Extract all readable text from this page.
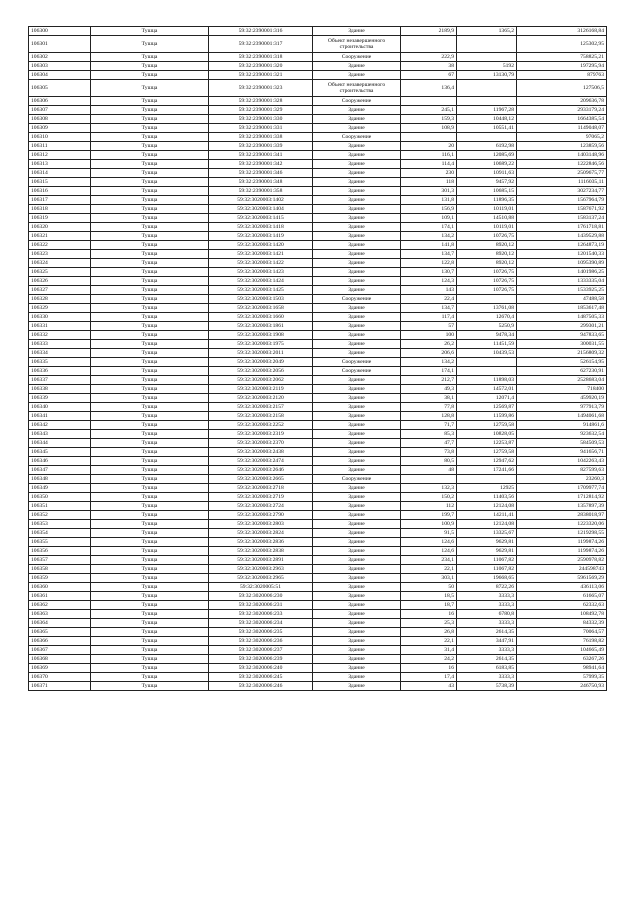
106300	Тушца	59:32:2390001:316	Здание	2189,9	1365,2	3126168,84
106301	Тушца	59:32:2390001:317	Объект незавершенного строительства			125302,95
106302	Тушца	59:32:2390001:318	Сооружение	222,9		758825,21
106303	Тушца	59:32:2390001:320	Здание	38	5192	197295,94
106304	Тушца	59:32:2390001:321	Здание	67	13130,79	879763
106305	Тушца	59:32:2390001:323	Объект незавершенного строительства	136,4		127506,5
106306	Тушца	59:32:2390001:328	Сооружение			209636,78
106307	Тушца	59:32:2390001:329	Здание	245,1	11967,28	2933179,24
106308	Тушца	59:32:2390001:330	Здание	159,3	10448,12	1664385,54
106309	Тушца	59:32:2390001:331	Здание	108,9	10551,41	1149048,07
106310	Тушца	59:32:2390001:338	Сооружение			97065,2
106311	Тушца	59:32:2390001:339	Здание	20	6192,98	123859,56
106312	Тушца	59:32:2390001:341	Здание	116,1	12085,69	1403148,96
106313	Тушца	59:32:2390001:342	Здание	114,4	10689,22	1222846,56
106314	Тушца	59:32:2390001:346	Здание	230	10911,63	2509675,77
106315	Тушца	59:32:2390001:348	Здание	118	9457,92	1116035,11
106316	Тушца	59:32:2390001:358	Здание	301,3	10685,15	3027234,77
106317	Тушца	59:32:3020003:1402	Здание	131,8	11896,35	1567964,79
106318	Тушца	59:32:3020003:1404	Здание	156,9	10119,01	1587671,92
106319	Тушца	59:32:3020003:1415	Здание	109,1	14510,88	1583137,24
106320	Тушца	59:32:3020003:1418	Здание	174,1	10119,01	1761718,81
106321	Тушца	59:32:3020003:1419	Здание	134,2	10726,75	1439529,88
106322	Тушца	59:32:3020003:1420	Здание	141,8	8920,12	1264873,19
106323	Тушца	59:32:3020003:1421	Здание	134,7	8920,12	1201540,33
106324	Тушца	59:32:3020003:1422	Здание	122,8	8920,12	1095390,89
106325	Тушца	59:32:3020003:1423	Здание	130,7	10726,75	1401986,25
106326	Тушца	59:32:3020003:1424	Здание	124,3	10726,75	1333335,04
106327	Тушца	59:32:3020003:1425	Здание	143	10726,75	1533925,25
106328	Тушца	59:32:3020003:1503	Сооружение	22,4		47488,58
106329	Тушца	59:32:3020003:1658	Здание	134,7	13761,08	1853617,48
106330	Тушца	59:32:3020003:1660	Здание	117,4	12670,4	1487505,33
106331	Тушца	59:32:3020003:1861	Здание	57	5250,9	299301,21
106332	Тушца	59:32:3020003:1908	Здание	100	9478,34	947833,65
106333	Тушца	59:32:3020003:1975	Здание	26,2	11451,59	300031,55
106334	Тушца	59:32:3020003:2011	Здание	206,6	10439,53	2156809,32
106335	Тушца	59:32:3020003:2049	Сооружение	134,2		526154,95
106336	Тушца	59:32:3020003:2056	Сооружение	174,1		627230,91
106337	Тушца	59:32:3020003:2062	Здание	212,7	11898,03	2528683,04
106338	Тушца	59:32:3020003:2119	Здание	49,3	14572,01	718400
106339	Тушца	59:32:3020003:2120	Здание	38,1	12071,4	459920,19
106340	Тушца	59:32:3020003:2157	Здание	77,8	12569,87	977913,79
106341	Тушца	59:32:3020003:2158	Здание	128,8	11599,86	1494061,68
106342	Тушца	59:32:3020003:2252	Здание	71,7	12759,58	914861,6
106343	Тушца	59:32:3020003:2319	Здание	85,3	10828,05	923632,54
106344	Тушца	59:32:3020003:2370	Здание	47,7	12253,87	584509,53
106345	Тушца	59:32:3020003:2438	Здание	73,8	12759,58	941656,71
106346	Тушца	59:32:3020003:2474	Здание	80,5	12947,62	1042263,43
106347	Тушца	59:32:3020003:2646	Здание	48	17241,66	827599,63
106348	Тушца	59:32:3020003:2665	Сооружение			23260,3
106349	Тушца	59:32:3020003:2718	Здание	132,3	12925	1709977,74
106350	Тушца	59:32:3020003:2719	Здание	150,2	11403,56	1712814,92
106351	Тушца	59:32:3020003:2724	Здание	112	12124,08	1357897,39
106352	Тушца	59:32:3020003:2790	Здание	199,7	14211,41	2838018,97
106353	Тушца	59:32:3020003:2803	Здание	100,9	12124,08	1223320,06
106354	Тушца	59:32:3020003:2824	Здание	91,5	13325,67	1219298,55
106355	Тушца	59:32:3020003:2836	Здание	124,6	9629,81	1199874,26
106356	Тушца	59:32:3020003:2838	Здание	124,6	9629,81	1199874,26
106357	Тушца	59:32:3020003:2891	Здание	234,1	11067,82	2590978,82
106358	Тушца	59:32:3020003:2963	Здание	22,1	11067,82	244598743
106359	Тушца	59:32:3020003:2965	Здание	303,1	19668,65	5961569,29
106360	Тушца	59:32:3020005:51	Здание	50	8722,26	436113,06
106361	Тушца	59:32:3020006:230	Здание	18,5	3333,3	61665,07
106362	Тушца	59:32:3020006:231	Здание	18,7	3333,3	62332,63
106363	Тушца	59:32:3020006:233	Здание	16	6780,8	108492,78
106364	Тушца	59:32:3020006:234	Здание	25,3	3333,3	84332,39
106365	Тушца	59:32:3020006:235	Здание	26,8	2614,35	70064,57
106366	Тушца	59:32:3020006:236	Здание	22,1	3447,91	76198,82
106367	Тушца	59:32:3020006:237	Здание	31,4	3333,3	104665,49
106368	Тушца	59:32:3020006:239	Здание	24,2	2614,35	63267,26
106369	Тушца	59:32:3020006:240	Здание	16	6183,85	98941,64
106370	Тушца	59:32:3020006:245	Здание	17,4	3333,3	57999,35
106371	Тушца	59:32:3020006:246	Здание	43	5738,39	246750,93
